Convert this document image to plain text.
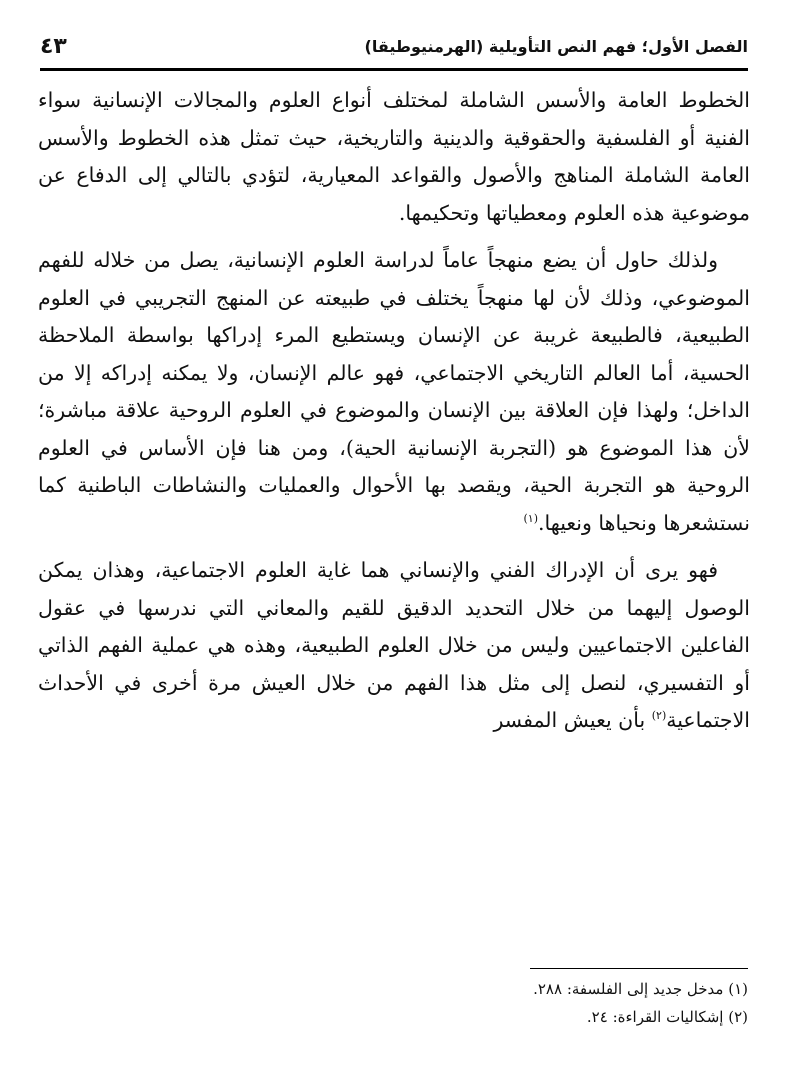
الفصل الأول؛ فهم النص التأويلية (الهرمنيوطيقا)
٤٣

الخطوط العامة والأسس الشاملة لمختلف أنواع العلوم والمجالات الإنسانية سواء الفنية أو الفلسفية والحقوقية والدينية والتاريخية، حيث تمثل هذه الخطوط والأسس العامة الشاملة المناهج والأصول والقواعد المعيارية، لتؤدي بالتالي إلى الدفاع عن موضوعية هذه العلوم ومعطياتها وتحكيمها.

ولذلك حاول أن يضع منهجاً عاماً لدراسة العلوم الإنسانية، يصل من خلاله للفهم الموضوعي، وذلك لأن لها منهجاً يختلف في طبيعته عن المنهج التجريبي في العلوم الطبيعية، فالطبيعة غريبة عن الإنسان ويستطيع المرء إدراكها بواسطة الملاحظة الحسية، أما العالم التاريخي الاجتماعي، فهو عالم الإنسان، ولا يمكنه إدراكه إلا من الداخل؛ ولهذا فإن العلاقة بين الإنسان والموضوع في العلوم الروحية علاقة مباشرة؛ لأن هذا الموضوع هو (التجربة الإنسانية الحية)، ومن هنا فإن الأساس في العلوم الروحية هو التجربة الحية، ويقصد بها الأحوال والعمليات والنشاطات الباطنية كما نستشعرها ونحياها ونعيها.$^{(١)}$

فهو يرى أن الإدراك الفني والإنساني هما غاية العلوم الاجتماعية، وهذان يمكن الوصول إليهما من خلال التحديد الدقيق للقيم والمعاني التي ندرسها في عقول الفاعلين الاجتماعيين وليس من خلال العلوم الطبيعية، وهذه هي عملية الفهم الذاتي أو التفسيري، لنصل إلى مثل هذا الفهم من خلال العيش مرة أخرى في الأحداث الاجتماعية$^{(٢)}$ بأن يعيش المفسر

(١) مدخل جديد إلى الفلسفة: ٢٨٨.
(٢) إشكاليات القراءة: ٢٤.
